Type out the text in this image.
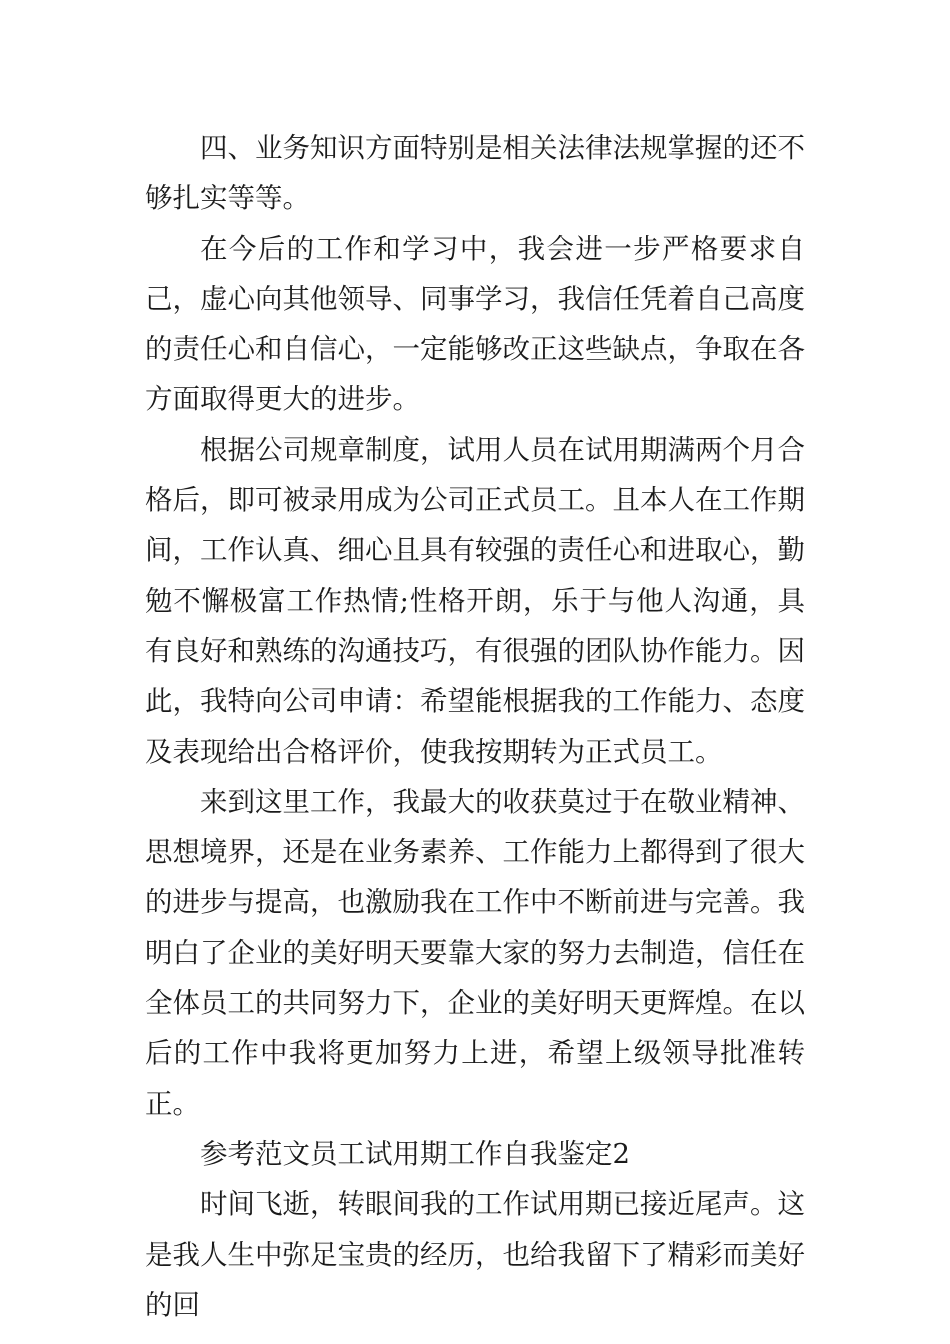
四、业务知识方面特别是相关法律法规掌握的还不够扎实等等。

在今后的工作和学习中，我会进一步严格要求自己，虚心向其他领导、同事学习，我信任凭着自己高度的责任心和自信心，一定能够改正这些缺点，争取在各方面取得更大的进步。

根据公司规章制度，试用人员在试用期满两个月合格后，即可被录用成为公司正式员工。且本人在工作期间，工作认真、细心且具有较强的责任心和进取心，勤勉不懈极富工作热情;性格开朗，乐于与他人沟通，具有良好和熟练的沟通技巧，有很强的团队协作能力。因此，我特向公司申请：希望能根据我的工作能力、态度及表现给出合格评价，使我按期转为正式员工。

来到这里工作，我最大的收获莫过于在敬业精神、思想境界，还是在业务素养、工作能力上都得到了很大的进步与提高，也激励我在工作中不断前进与完善。我明白了企业的美好明天要靠大家的努力去制造，信任在全体员工的共同努力下，企业的美好明天更辉煌。在以后的工作中我将更加努力上进，希望上级领导批准转正。

参考范文员工试用期工作自我鉴定2

时间飞逝，转眼间我的工作试用期已接近尾声。这是我人生中弥足宝贵的经历，也给我留下了精彩而美好的回
